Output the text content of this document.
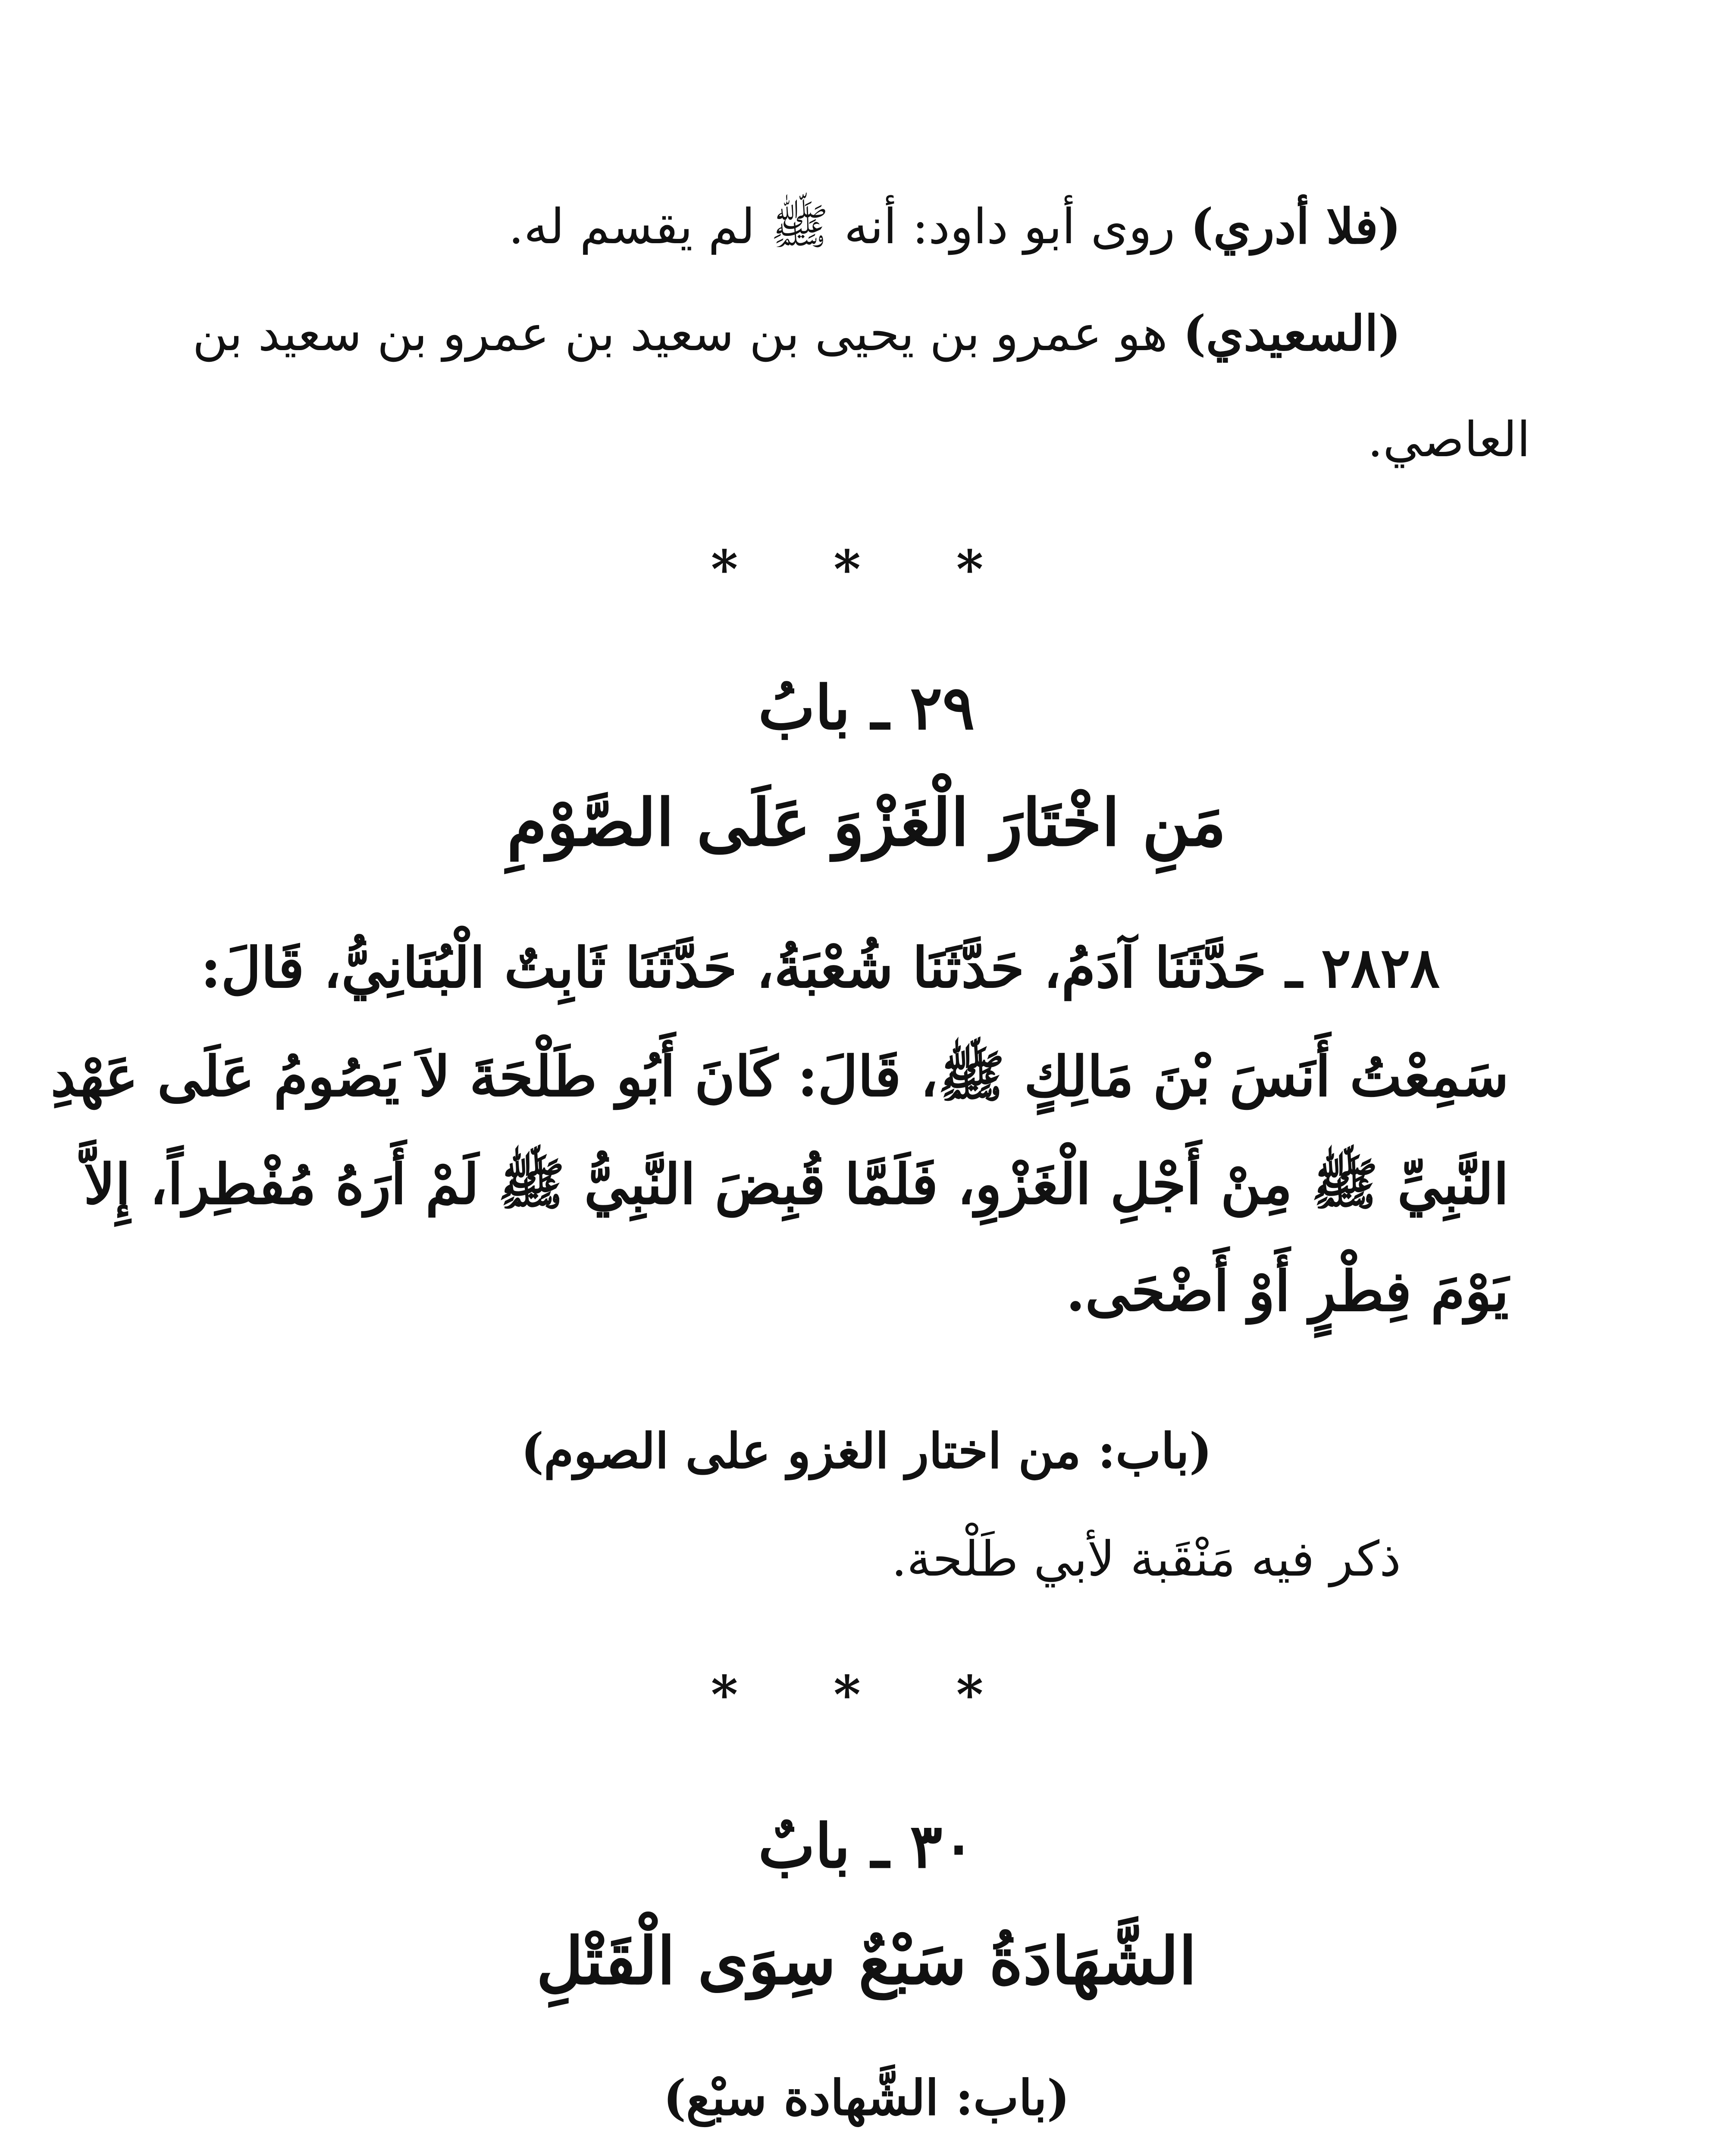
(فلا أدري) روى أبو داود: أنه ﷺ لم يقسم له.
(السعيدي) هو عمرو بن يحيى بن سعيد بن عمرو بن سعيد بن
العاصي.
* * *
٢٩ ـ بابُ
مَنِ اخْتَارَ الْغَزْوَ عَلَى الصَّوْمِ
٢٨٢٨ ـ حَدَّثَنَا آدَمُ، حَدَّثَنَا شُعْبَةُ، حَدَّثَنَا ثَابِتٌ الْبُنَانِيُّ، قَالَ:
سَمِعْتُ أَنَسَ بْنَ مَالِكٍ ﷺ، قَالَ: كَانَ أَبُو طَلْحَةَ لاَ يَصُومُ عَلَى عَهْدِ
النَّبِيِّ ﷺ مِنْ أَجْلِ الْغَزْوِ، فَلَمَّا قُبِضَ النَّبِيُّ ﷺ لَمْ أَرَهُ مُفْطِراً، إِلاَّ
يَوْمَ فِطْرٍ أَوْ أَضْحَى.
(باب: من اختار الغزو على الصوم)
ذكر فيه مَنْقَبة لأبي طَلْحة.
* * *
٣٠ ـ بابٌ
الشَّهَادَةُ سَبْعٌ سِوَى الْقَتْلِ
(باب: الشَّهادة سبْع)
